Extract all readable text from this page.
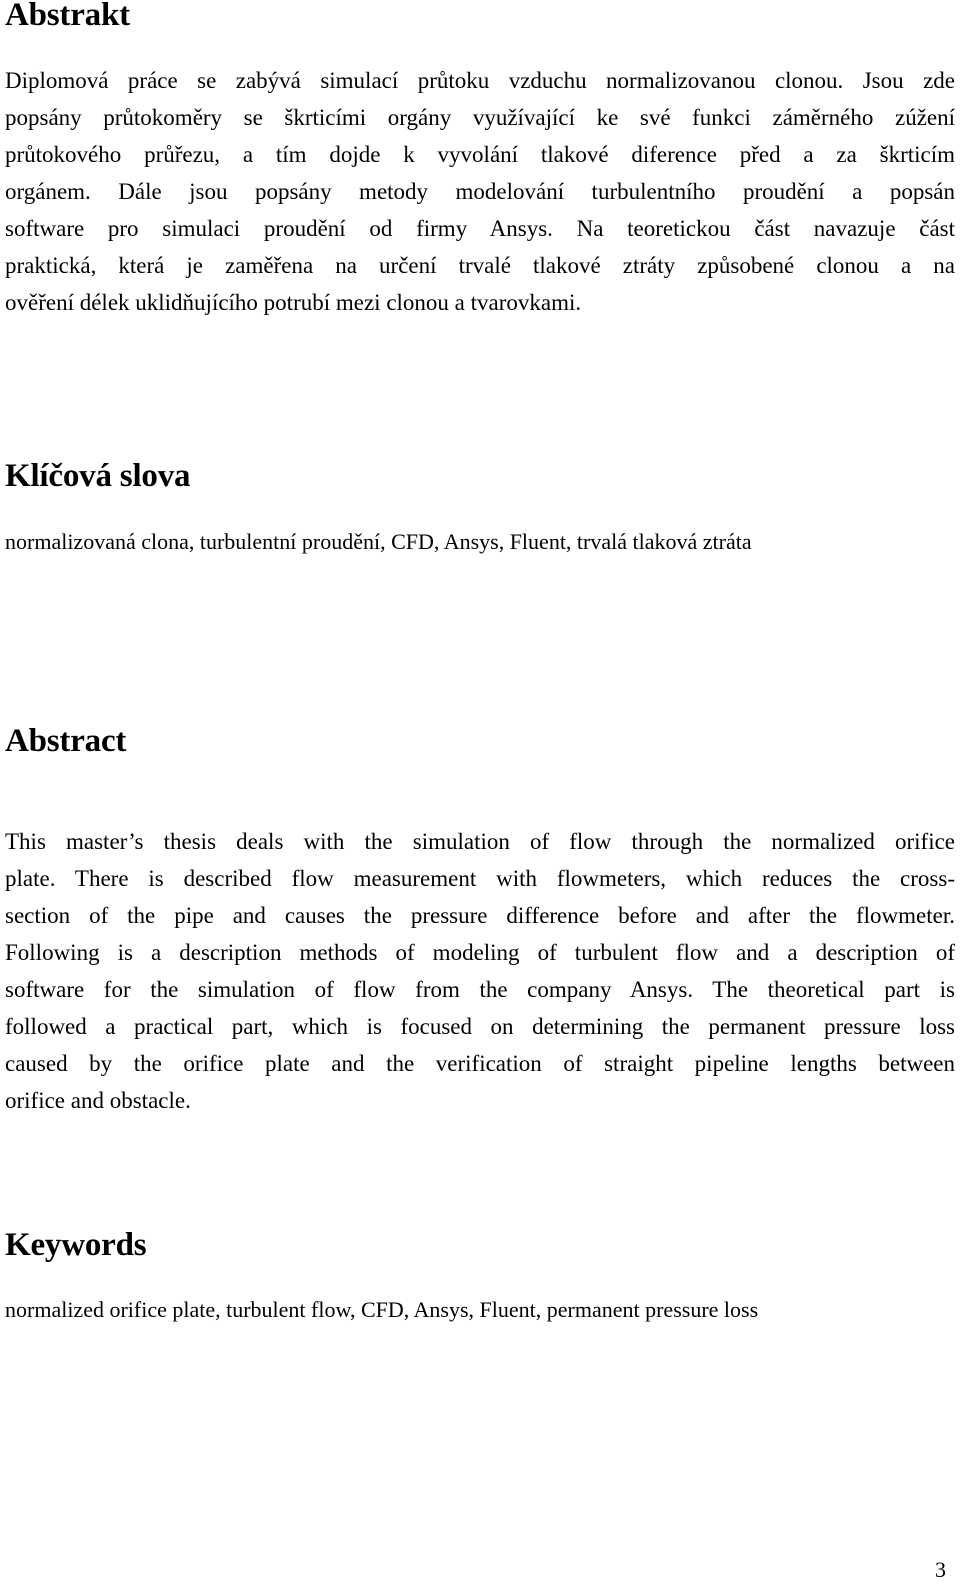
Abstrakt
Diplomová práce se zabývá simulací průtoku vzduchu normalizovanou clonou. Jsou zde
popsány průtokoměry se škrticími orgány využívající ke své funkci záměrného zúžení
průtokového průřezu, a tím dojde k vyvolání tlakové diference před a za škrticím
orgánem. Dále jsou popsány metody modelování turbulentního proudění a popsán
software pro simulaci proudění od firmy Ansys. Na teoretickou část navazuje část
praktická, která je zaměřena na určení trvalé tlakové ztráty způsobené clonou a na
ověření délek uklidňujícího potrubí mezi clonou a tvarovkami.
Klíčová slova

normalizovaná clona, turbulentní proudění, CFD, Ansys, Fluent, trvalá tlaková ztráta

Abstract
This master’s thesis deals with the simulation of flow through the normalized orifice
plate. There is described flow measurement with flowmeters, which reduces the cross-
section of the pipe and causes the pressure difference before and after the flowmeter.
Following is a description methods of modeling of turbulent flow and a description of
software for the simulation of flow from the company Ansys. The theoretical part is
followed a practical part, which is focused on determining the permanent pressure loss
caused by the orifice plate and the verification of straight pipeline lengths between
orifice and obstacle.
Keywords

normalized orifice plate, turbulent flow, CFD, Ansys, Fluent, permanent pressure loss

3
